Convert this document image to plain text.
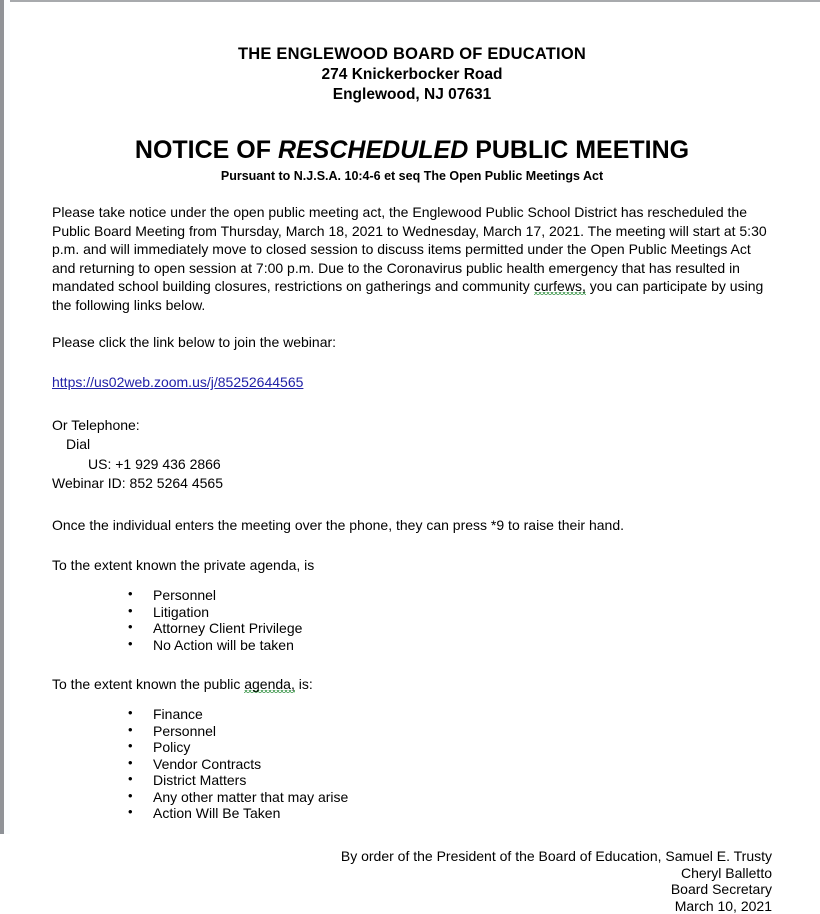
THE ENGLEWOOD BOARD OF EDUCATION
274 Knickerbocker Road
Englewood, NJ 07631
NOTICE OF RESCHEDULED PUBLIC MEETING
Pursuant to N.J.S.A. 10:4-6 et seq The Open Public Meetings Act
Please take notice under the open public meeting act, the Englewood Public School District has rescheduled the Public Board Meeting from Thursday, March 18, 2021 to Wednesday, March 17, 2021. The meeting will start at 5:30 p.m. and will immediately move to closed session to discuss items permitted under the Open Public Meetings Act and returning to open session at 7:00 p.m. Due to the Coronavirus public health emergency that has resulted in mandated school building closures, restrictions on gatherings and community curfews, you can participate by using the following links below.
Please click the link below to join the webinar:
https://us02web.zoom.us/j/85252644565
Or Telephone:
Dial
US: +1 929 436 2866
Webinar ID: 852 5264 4565
Once the individual enters the meeting over the phone, they can press *9 to raise their hand.
To the extent known the private agenda, is
• Personnel
• Litigation
• Attorney Client Privilege
• No Action will be taken
To the extent known the public agenda, is:
• Finance
• Personnel
• Policy
• Vendor Contracts
• District Matters
• Any other matter that may arise
• Action Will Be Taken
By order of the President of the Board of Education, Samuel E. Trusty
Cheryl Balletto
Board Secretary
March 10, 2021
